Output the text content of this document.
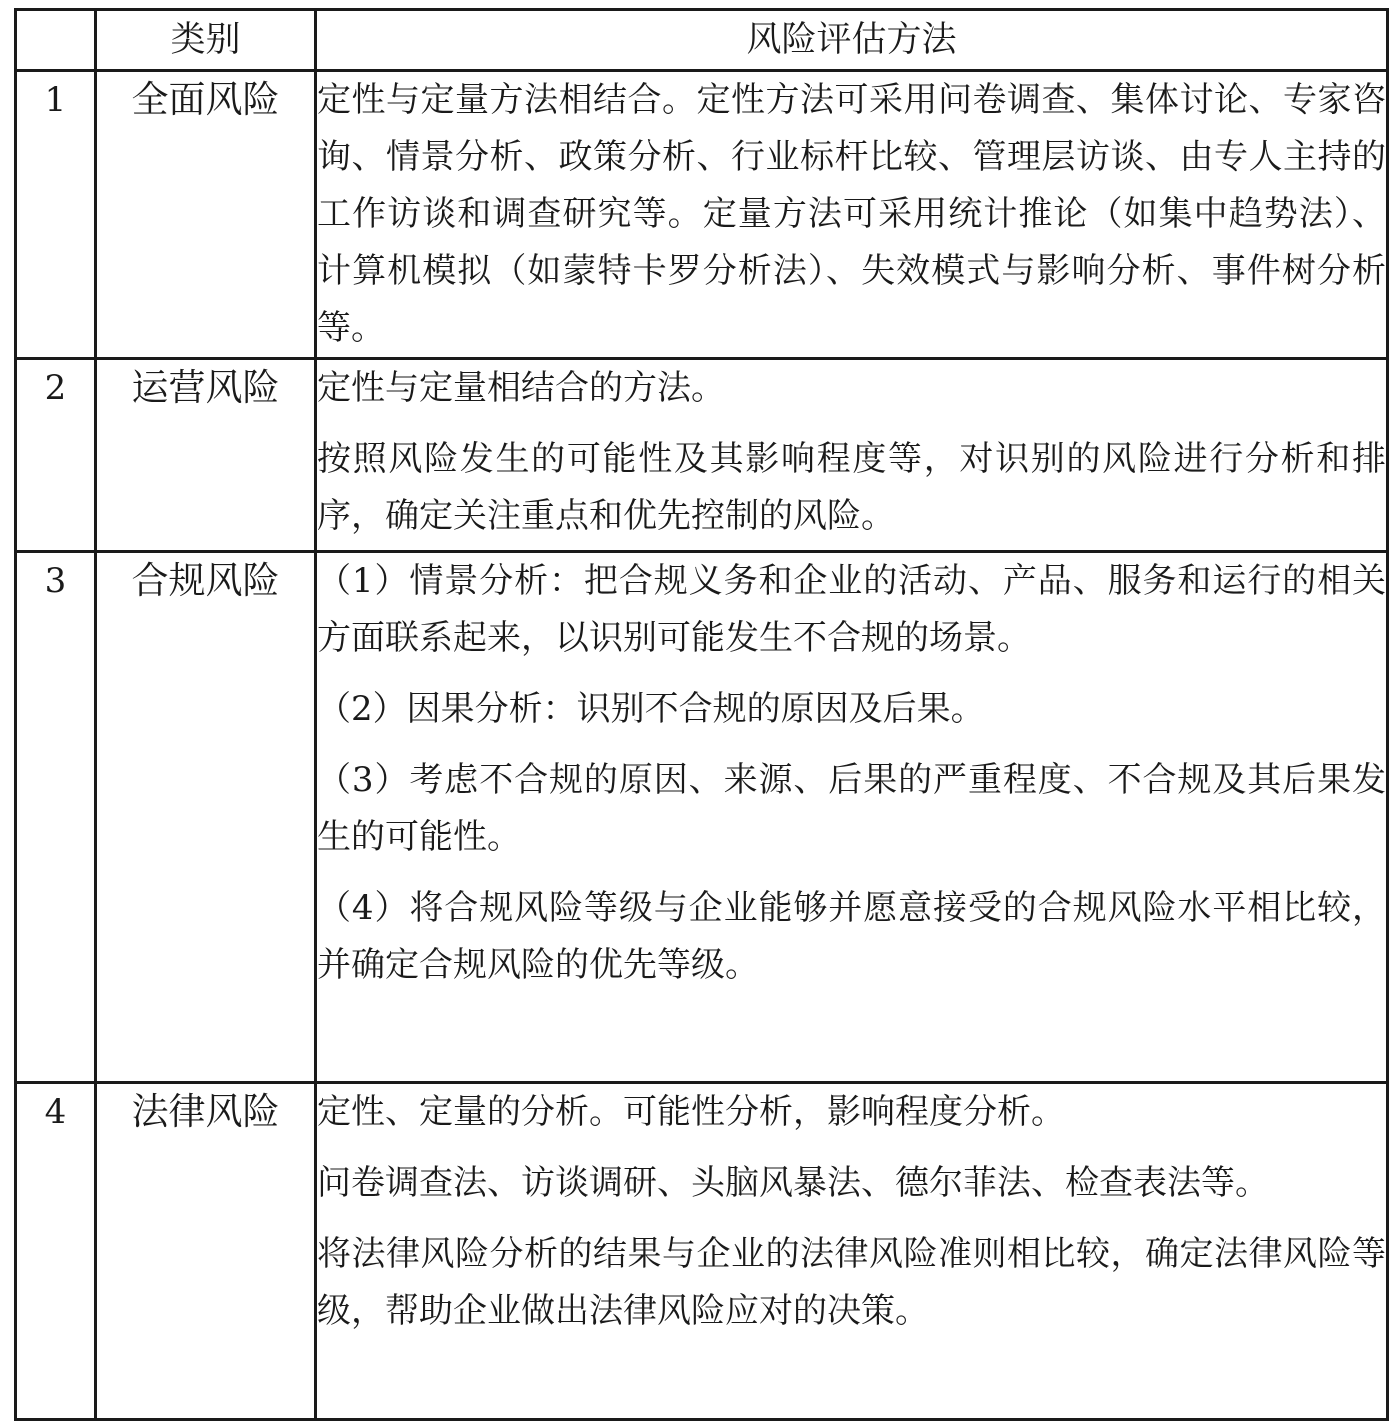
	类别	风险评估方法
1	全面风险	定性与定量方法相结合。定性方法可采用问卷调查、集体讨论、专家咨询、情景分析、政策分析、行业标杆比较、管理层访谈、由专人主持的工作访谈和调查研究等。定量方法可采用统计推论（如集中趋势法）、计算机模拟（如蒙特卡罗分析法）、失效模式与影响分析、事件树分析等。

2	运营风险	定性与定量相结合的方法。

按照风险发生的可能性及其影响程度等，对识别的风险进行分析和排序，确定关注重点和优先控制的风险。

3	合规风险	（1）情景分析：把合规义务和企业的活动、产品、服务和运行的相关方面联系起来，以识别可能发生不合规的场景。

（2）因果分析：识别不合规的原因及后果。

（3）考虑不合规的原因、来源、后果的严重程度、不合规及其后果发生的可能性。

（4）将合规风险等级与企业能够并愿意接受的合规风险水平相比较，并确定合规风险的优先等级。

4	法律风险	定性、定量的分析。可能性分析，影响程度分析。

问卷调查法、访谈调研、头脑风暴法、德尔菲法、检查表法等。

将法律风险分析的结果与企业的法律风险准则相比较，确定法律风险等级，帮助企业做出法律风险应对的决策。
